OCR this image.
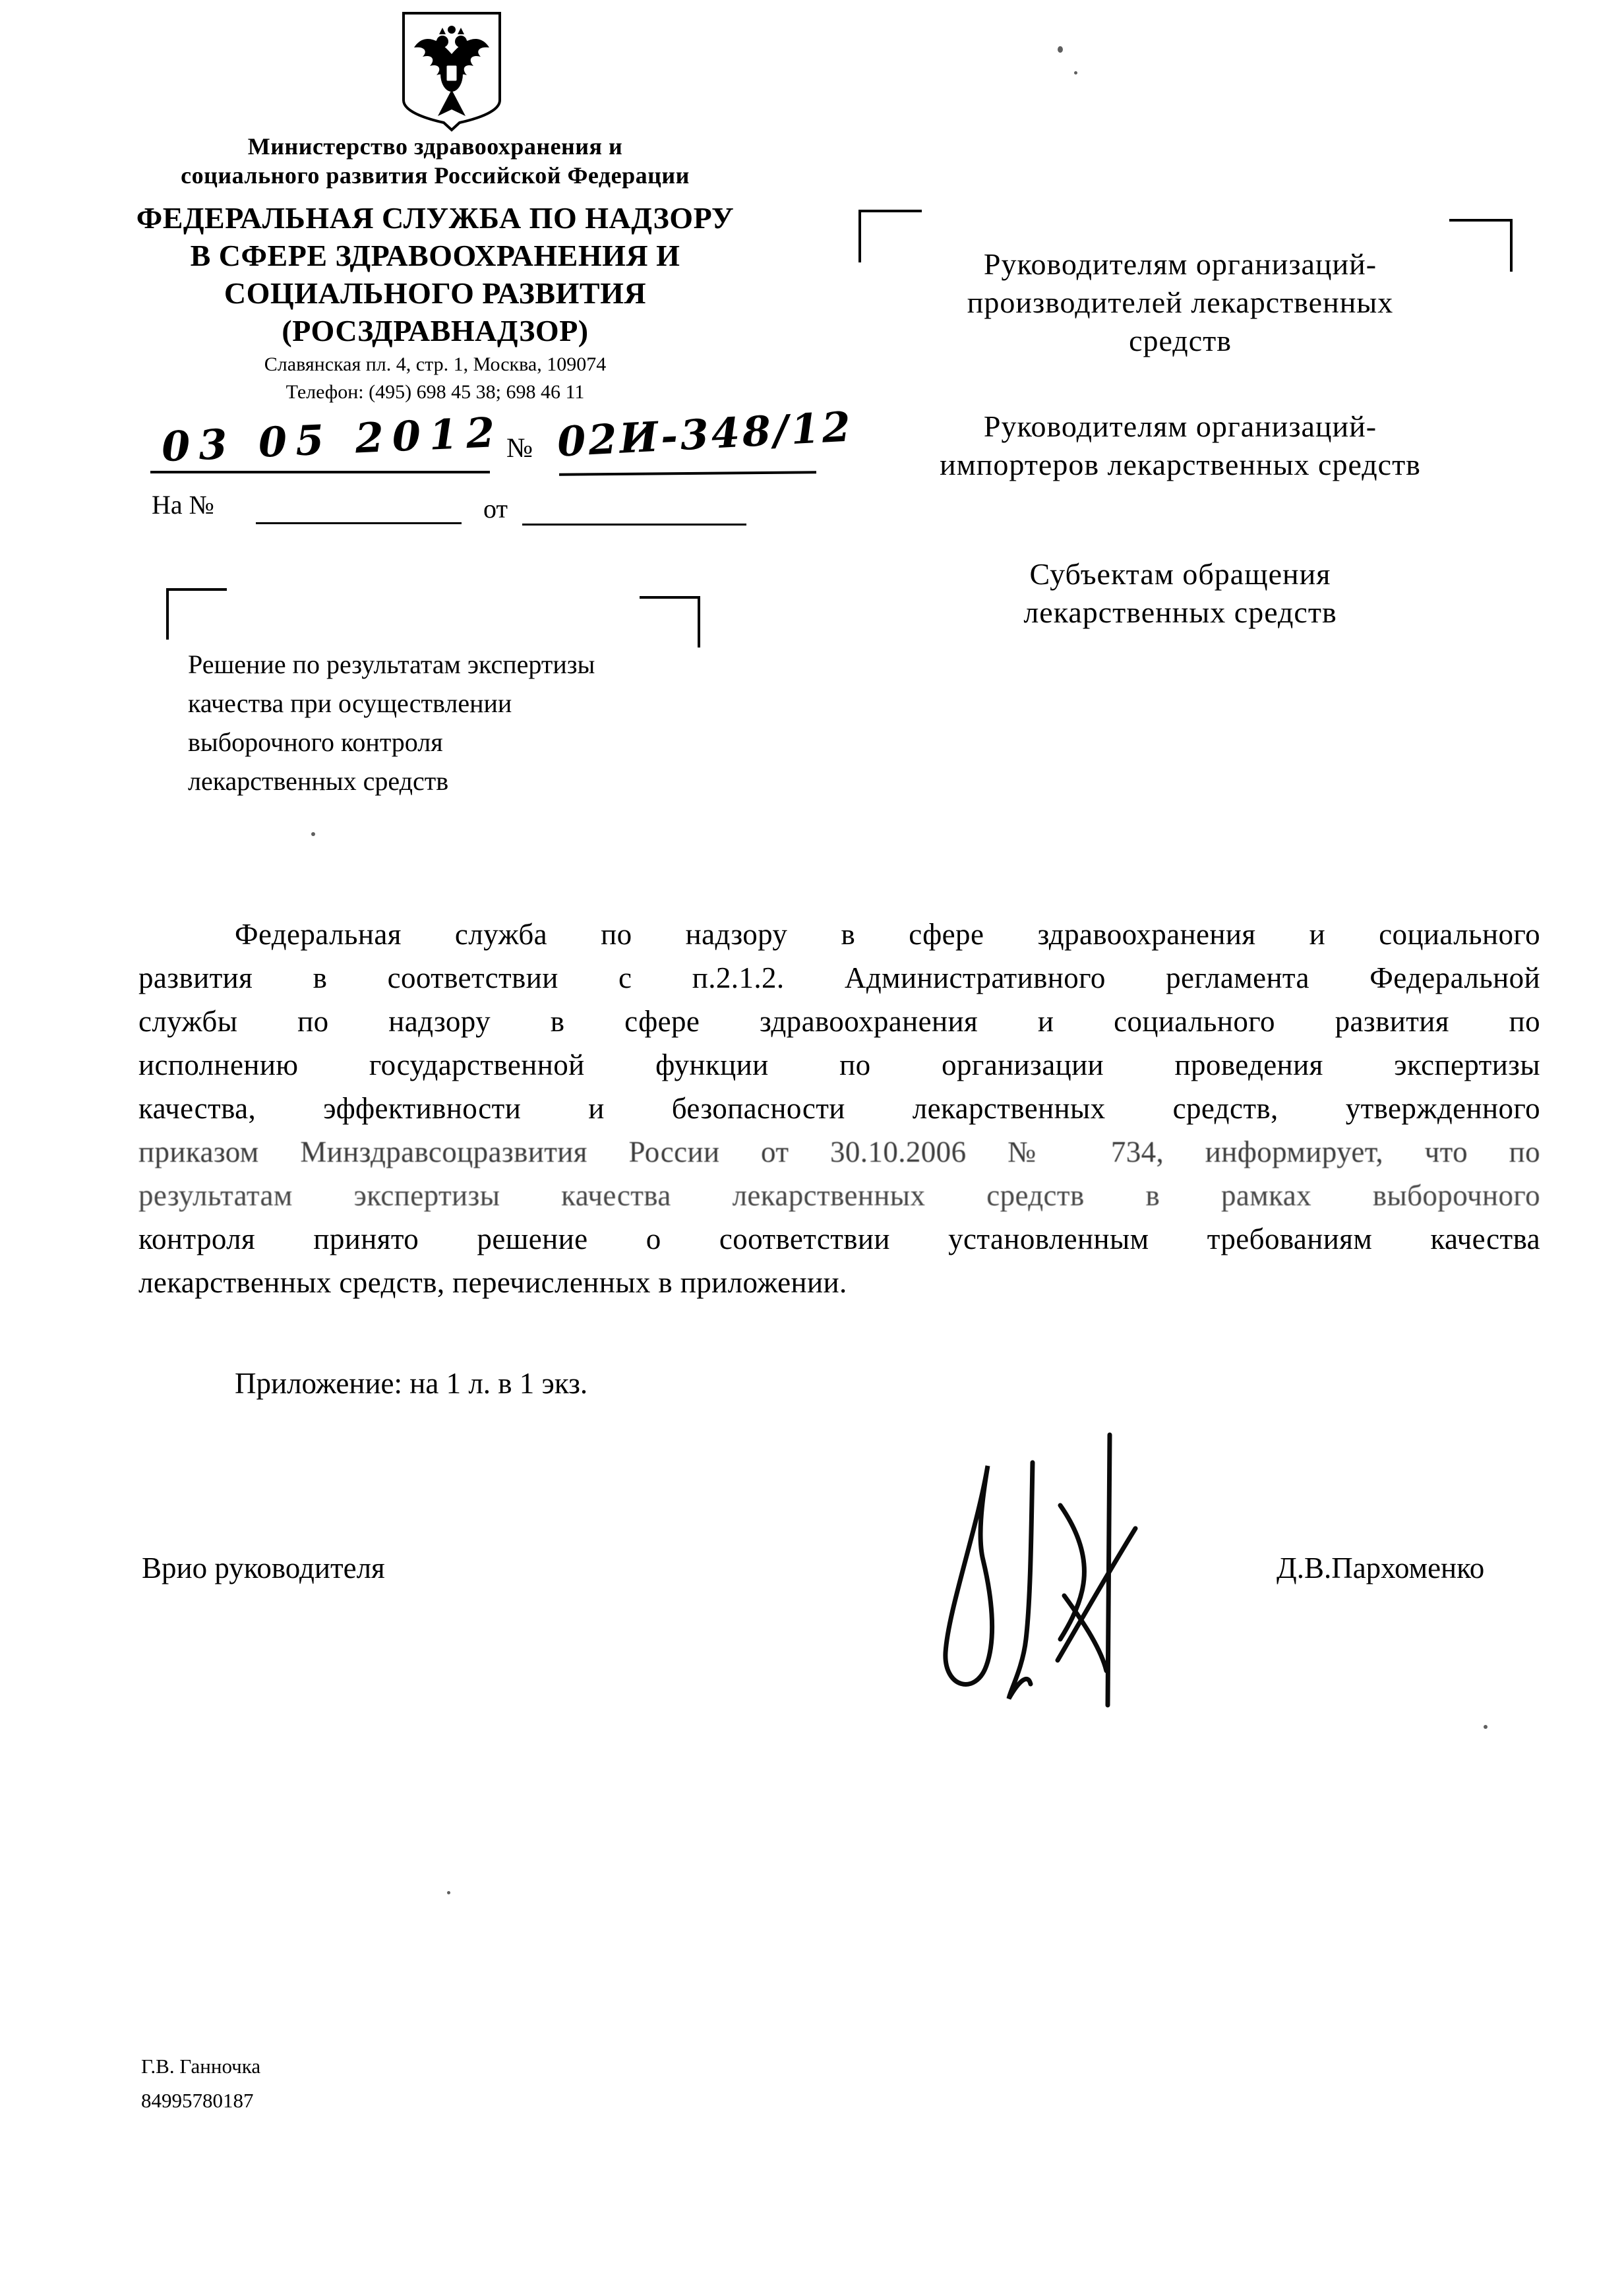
Министерство здравоохранения и
социального развития Российской Федерации
ФЕДЕРАЛЬНАЯ СЛУЖБА ПО НАДЗОРУ
В СФЕРЕ ЗДРАВООХРАНЕНИЯ И
СОЦИАЛЬНОГО РАЗВИТИЯ
(РОСЗДРАВНАДЗОР)
Славянская пл. 4, стр. 1, Москва, 109074
Телефон: (495) 698 45 38; 698 46 11
03 05 2012 № 02И-348/12
На №	от
Руководителям организаций-
производителей лекарственных
средств
Руководителям организаций-
импортеров лекарственных средств
Субъектам обращения
лекарственных средств
Решение по результатам экспертизы
качества при осуществлении
выборочного контроля
лекарственных средств
Федеральная служба по надзору в сфере здравоохранения и социального
развития в соответствии с п.2.1.2. Административного регламента Федеральной
службы по надзору в сфере здравоохранения и социального развития по
исполнению государственной функции по организации проведения экспертизы
качества, эффективности и безопасности лекарственных средств, утвержденного
приказом Минздравсоцразвития России от 30.10.2006 № 734, информирует, что по
результатам экспертизы качества лекарственных средств в рамках выборочного
контроля принято решение о соответствии установленным требованиям качества
лекарственных средств, перечисленных в приложении.
Приложение: на 1 л. в 1 экз.
Врио руководителя	Д.В.Пархоменко
Г.В. Ганночка
84995780187
